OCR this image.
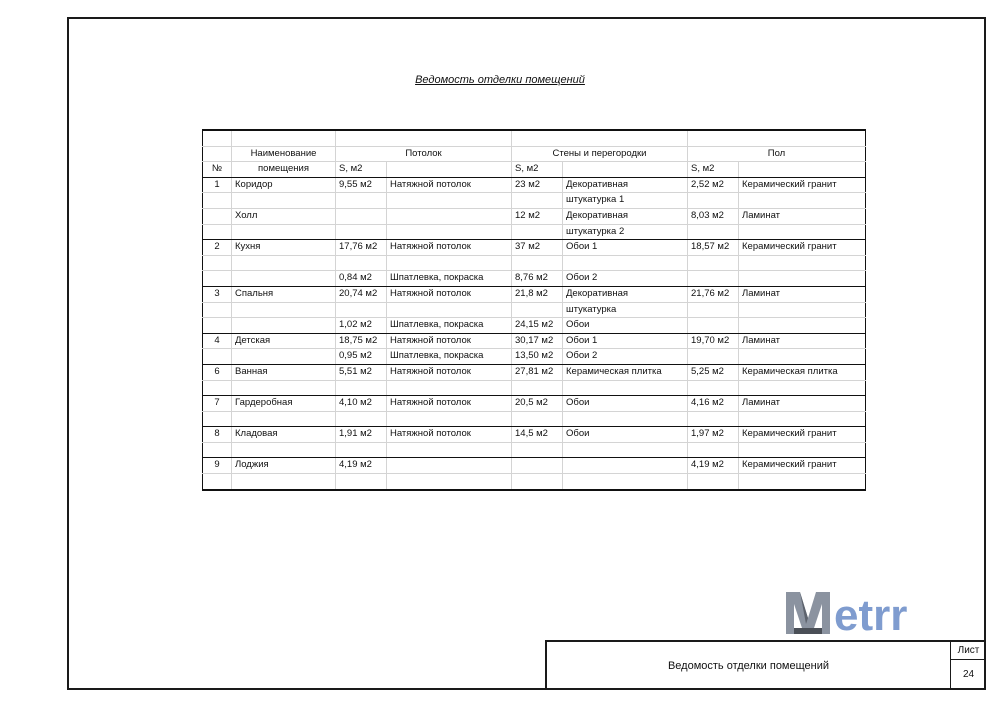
Ведомость отделки помещений

	Наименование	Потолок		Стены и перегородки		Пол	
№	помещения	S, м2		S, м2		S, м2	
1	Коридор	9,55 м2	Натяжной потолок	23 м2	Декоративная	2,52 м2	Керамический гранит
					штукатурка 1		
	Холл			12 м2	Декоративная	8,03 м2	Ламинат
					штукатурка 2		
2	Кухня	17,76 м2	Натяжной потолок	37 м2	Обои 1	18,57 м2	Керамический гранит

		0,84 м2	Шпатлевка, покраска	8,76 м2	Обои 2		
3	Спальня	20,74 м2	Натяжной потолок	21,8 м2	Декоративная	21,76 м2	Ламинат
					штукатурка		
		1,02 м2	Шпатлевка, покраска	24,15 м2	Обои		
4	Детская	18,75 м2	Натяжной потолок	30,17 м2	Обои 1	19,70 м2	Ламинат
		0,95 м2	Шпатлевка, покраска	13,50 м2	Обои 2		
6	Ванная	5,51 м2	Натяжной потолок	27,81 м2	Керамическая плитка	5,25 м2	Керамическая плитка

7	Гардеробная	4,10 м2	Натяжной потолок	20,5 м2	Обои	4,16 м2	Ламинат

8	Кладовая	1,91 м2	Натяжной потолок	14,5 м2	Обои	1,97 м2	Керамический гранит

9	Лоджия	4,19 м2				4,19 м2	Керамический гранит

etrr
Ведомость отделки помещений
Лист
24
